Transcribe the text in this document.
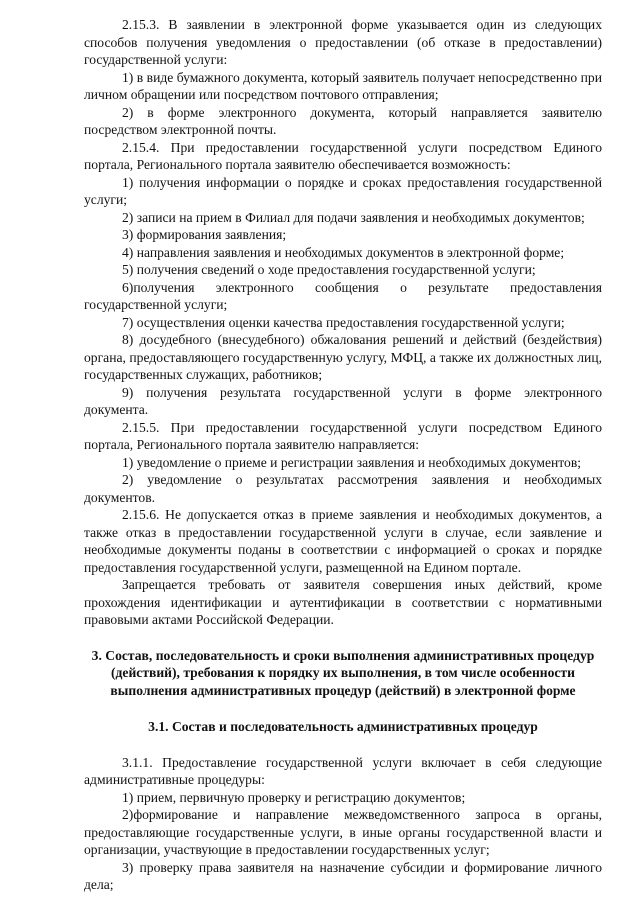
2.15.3. В заявлении в электронной форме указывается один из следующих способов получения уведомления о предоставлении (об отказе в предоставлении) государственной услуги:

1) в виде бумажного документа, который заявитель получает непосредственно при личном обращении или посредством почтового отправления;

2) в форме электронного документа, который направляется заявителю посредством электронной почты.

2.15.4. При предоставлении государственной услуги посредством Единого портала, Регионального портала заявителю обеспечивается возможность:

1) получения информации о порядке и сроках предоставления государственной услуги;

2) записи на прием в Филиал для подачи заявления и необходимых документов;

3) формирования заявления;

4) направления заявления и необходимых документов в электронной форме;

5) получения сведений о ходе предоставления государственной услуги;

6)получения электронного сообщения о результате предоставления государственной услуги;

7) осуществления оценки качества предоставления государственной услуги;

8) досудебного (внесудебного) обжалования решений и действий (бездействия) органа, предоставляющего государственную услугу, МФЦ, а также их должностных лиц, государственных служащих, работников;

9) получения результата государственной услуги в форме электронного документа.

2.15.5. При предоставлении государственной услуги посредством Единого портала, Регионального портала заявителю направляется:

1) уведомление о приеме и регистрации заявления и необходимых документов;

2) уведомление о результатах рассмотрения заявления и необходимых документов.

2.15.6. Не допускается отказ в приеме заявления и необходимых документов, а также отказ в предоставлении государственной услуги в случае, если заявление и необходимые документы поданы в соответствии с информацией о сроках и порядке предоставления государственной услуги, размещенной на Едином портале.

Запрещается требовать от заявителя совершения иных действий, кроме прохождения идентификации и аутентификации в соответствии с нормативными правовыми актами Российской Федерации.

3. Состав, последовательность и сроки выполнения административных процедур (действий), требования к порядку их выполнения, в том числе особенности выполнения административных процедур (действий) в электронной форме

3.1. Состав и последовательность административных процедур

3.1.1. Предоставление государственной услуги включает в себя следующие административные процедуры:

1) прием, первичную проверку и регистрацию документов;

2)формирование и направление межведомственного запроса в органы, предоставляющие государственные услуги, в иные органы государственной власти и организации, участвующие в предоставлении государственных услуг;

3) проверку права заявителя на назначение субсидии и формирование личного дела;
